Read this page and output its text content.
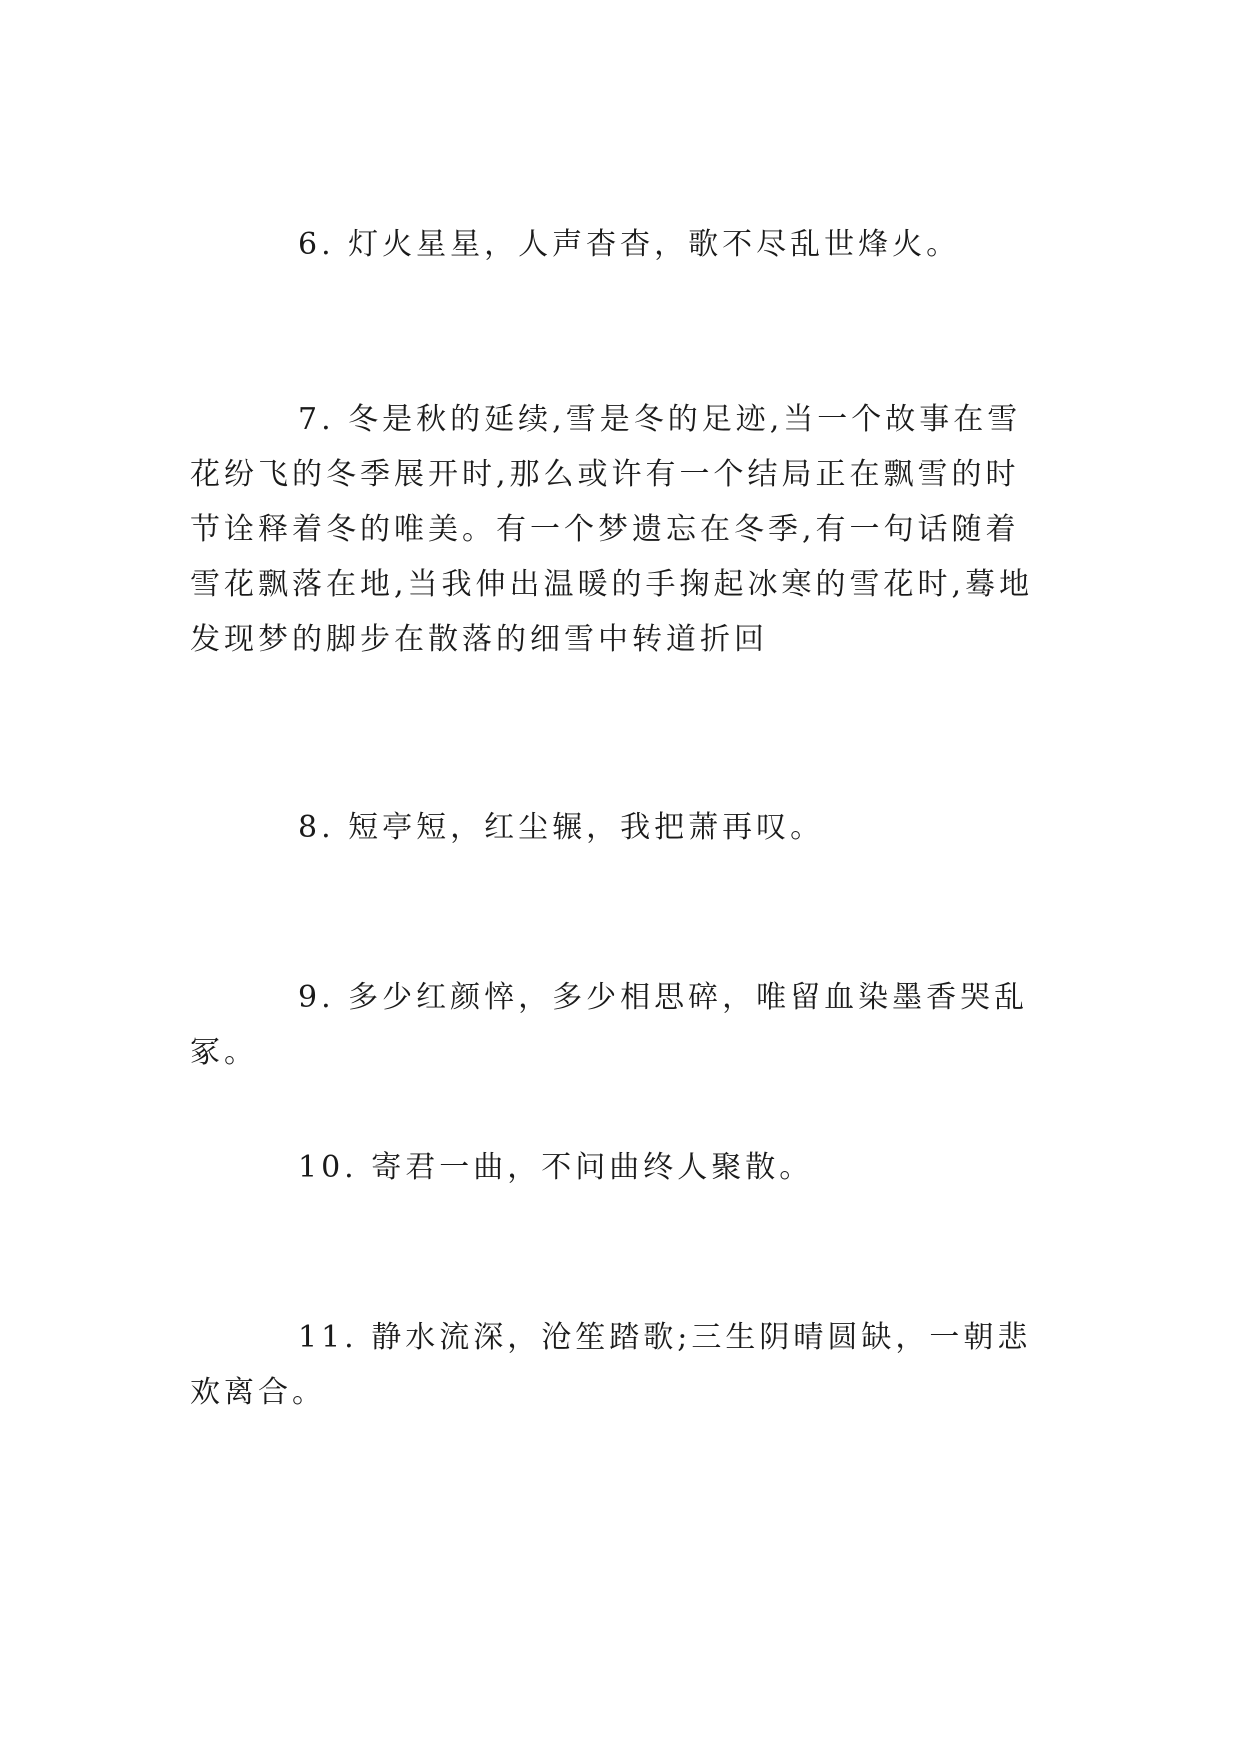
6. 灯火星星，人声杳杳，歌不尽乱世烽火。

7. 冬是秋的延续,雪是冬的足迹,当一个故事在雪花纷飞的冬季展开时,那么或许有一个结局正在飘雪的时节诠释着冬的唯美。有一个梦遗忘在冬季,有一句话随着雪花飘落在地,当我伸出温暖的手掬起冰寒的雪花时,蓦地发现梦的脚步在散落的细雪中转道折回

8. 短亭短，红尘辗，我把萧再叹。

9. 多少红颜悴，多少相思碎，唯留血染墨香哭乱冢。

10. 寄君一曲，不问曲终人聚散。

11. 静水流深，沧笙踏歌;三生阴晴圆缺，一朝悲欢离合。
